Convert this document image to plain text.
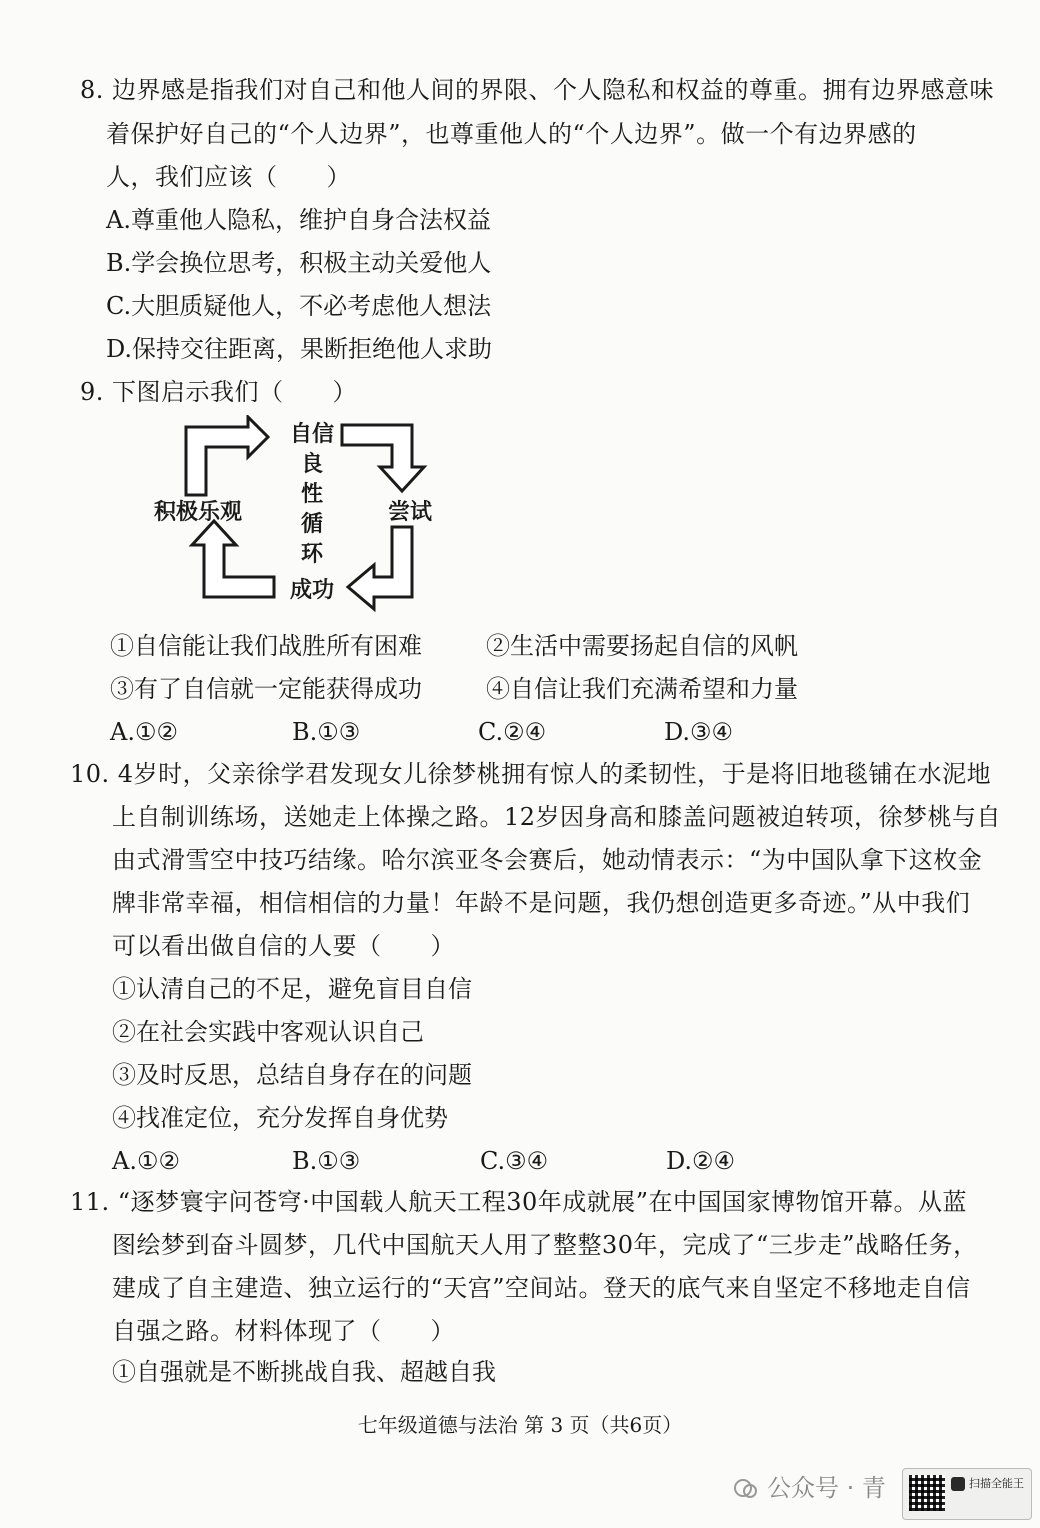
8. 边界感是指我们对自己和他人间的界限、个人隐私和权益的尊重。拥有边界感意味
着保护好自己的“个人边界”，也尊重他人的“个人边界”。做一个有边界感的
人，我们应该（　　）
A.尊重他人隐私，维护自身合法权益
B.学会换位思考，积极主动关爱他人
C.大胆质疑他人，不必考虑他人想法
D.保持交往距离，果断拒绝他人求助
9. 下图启示我们（　　）
自信
良
性
循
环
成功
积极乐观	尝试
①自信能让我们战胜所有困难	②生活中需要扬起自信的风帆
③有了自信就一定能获得成功	④自信让我们充满希望和力量
A.①②	B.①③	C.②④	D.③④
10. 4岁时，父亲徐学君发现女儿徐梦桃拥有惊人的柔韧性，于是将旧地毯铺在水泥地
上自制训练场，送她走上体操之路。12岁因身高和膝盖问题被迫转项，徐梦桃与自
由式滑雪空中技巧结缘。哈尔滨亚冬会赛后，她动情表示：“为中国队拿下这枚金
牌非常幸福，相信相信的力量！年龄不是问题，我仍想创造更多奇迹。”从中我们
可以看出做自信的人要（　　）
①认清自己的不足，避免盲目自信
②在社会实践中客观认识自己
③及时反思，总结自身存在的问题
④找准定位，充分发挥自身优势
A.①②	B.①③	C.③④	D.②④
11. “逐梦寰宇问苍穹·中国载人航天工程30年成就展”在中国国家博物馆开幕。从蓝
图绘梦到奋斗圆梦，几代中国航天人用了整整30年，完成了“三步走”战略任务，
建成了自主建造、独立运行的“天宫”空间站。登天的底气来自坚定不移地走自信
自强之路。材料体现了（　　）
①自强就是不断挑战自我、超越自我
七年级道德与法治 第 3 页（共6页）
公众号 · 青	扫描全能王
